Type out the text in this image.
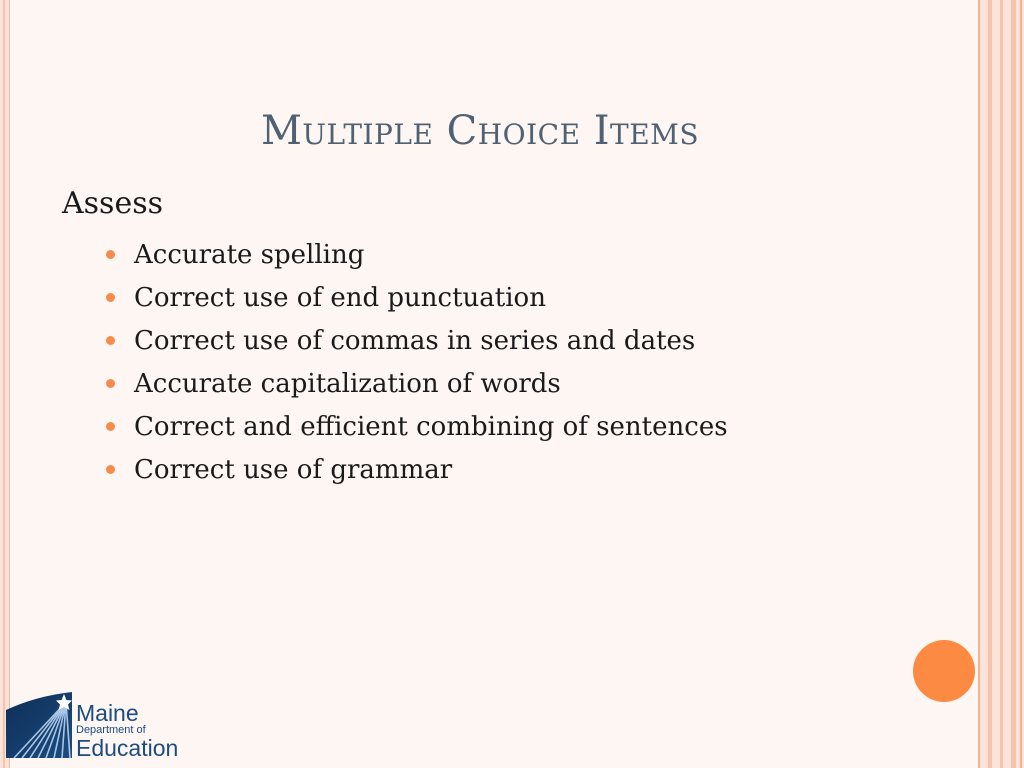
Multiple Choice Items
Assess
Accurate spelling
Correct use of end punctuation
Correct use of commas in series and dates
Accurate capitalization of words
Correct and efficient combining of sentences
Correct use of grammar
Maine
Department of
Education
